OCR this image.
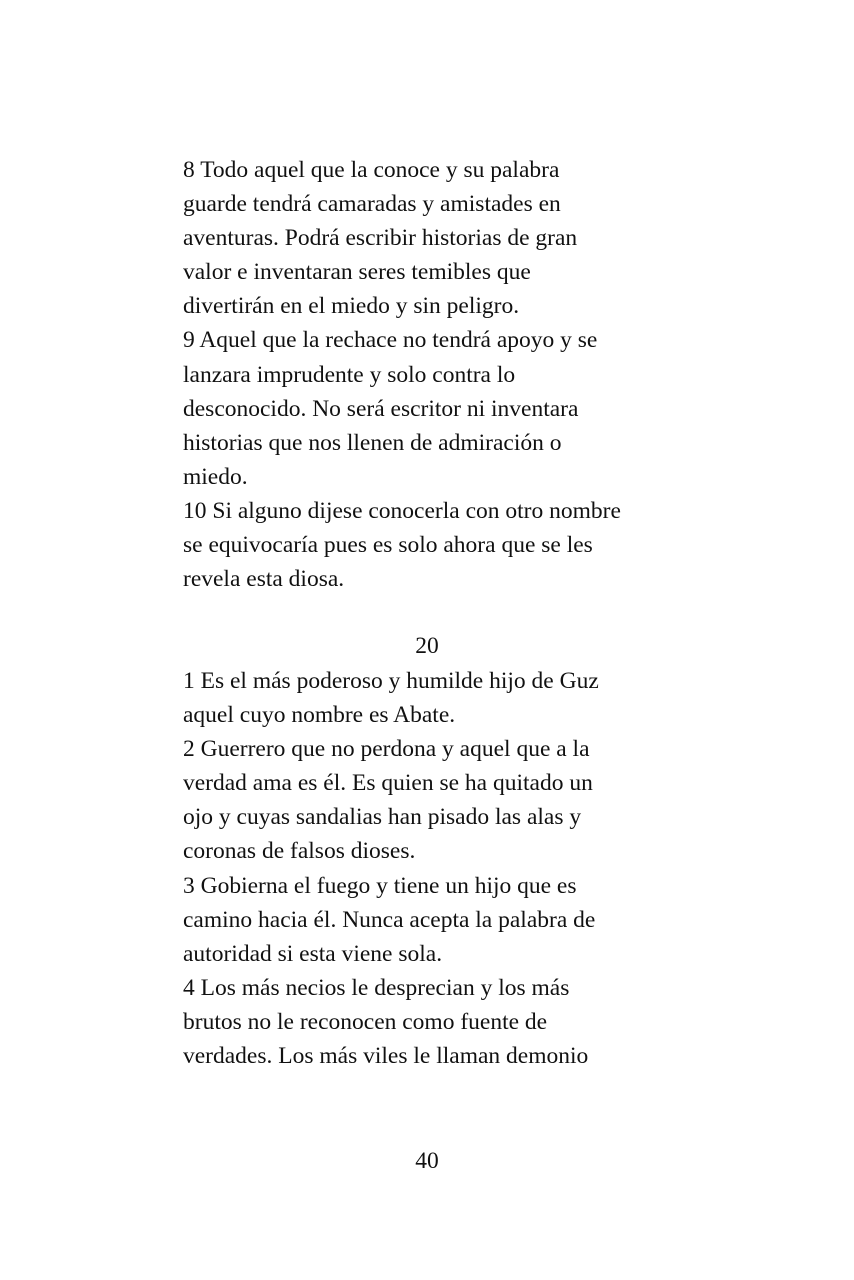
8 Todo aquel que la conoce y su palabra
guarde tendrá camaradas y amistades en
aventuras. Podrá escribir historias de gran
valor e inventaran seres temibles que
divertirán en el miedo y sin peligro.
9 Aquel que la rechace no tendrá apoyo y se
lanzara imprudente y solo contra lo
desconocido. No será escritor ni inventara
historias que nos llenen de admiración o
miedo.
10 Si alguno dijese conocerla con otro nombre
se equivocaría pues es solo ahora que se les
revela esta diosa.
20
1 Es el más poderoso y humilde hijo de Guz
aquel cuyo nombre es Abate.
2 Guerrero que no perdona y aquel que a la
verdad ama es él. Es quien se ha quitado un
ojo y cuyas sandalias han pisado las alas y
coronas de falsos dioses.
3 Gobierna el fuego y tiene un hijo que es
camino hacia él. Nunca acepta la palabra de
autoridad si esta viene sola.
4 Los más necios le desprecian y los más
brutos no le reconocen como fuente de
verdades. Los más viles le llaman demonio
40
